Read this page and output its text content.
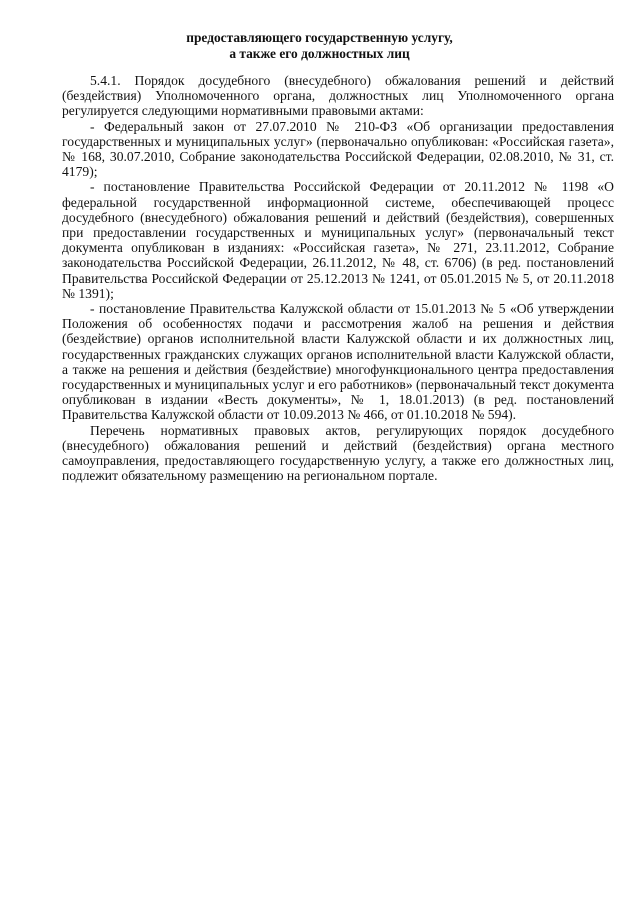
предоставляющего государственную услугу,
а также его должностных лиц

5.4.1. Порядок досудебного (внесудебного) обжалования решений и действий (бездействия) Уполномоченного органа, должностных лиц Уполномоченного органа регулируется следующими нормативными правовыми актами:

- Федеральный закон от 27.07.2010 № 210-ФЗ «Об организации предоставления государственных и муниципальных услуг» (первоначально опубликован: «Российская газета», № 168, 30.07.2010, Собрание законодательства Российской Федерации, 02.08.2010, № 31, ст. 4179);

- постановление Правительства Российской Федерации от 20.11.2012 № 1198 «О федеральной государственной информационной системе, обеспечивающей процесс досудебного (внесудебного) обжалования решений и действий (бездействия), совершенных при предоставлении государственных и муниципальных услуг» (первоначальный текст документа опубликован в изданиях: «Российская газета», № 271, 23.11.2012, Собрание законодательства Российской Федерации, 26.11.2012, № 48, ст. 6706) (в ред. постановлений Правительства Российской Федерации от 25.12.2013 № 1241, от 05.01.2015 № 5, от 20.11.2018 № 1391);

- постановление Правительства Калужской области от 15.01.2013 № 5 «Об утверждении Положения об особенностях подачи и рассмотрения жалоб на решения и действия (бездействие) органов исполнительной власти Калужской области и их должностных лиц, государственных гражданских служащих органов исполнительной власти Калужской области, а также на решения и действия (бездействие) многофункционального центра предоставления государственных и муниципальных услуг и его работников» (первоначальный текст документа опубликован в издании «Весть документы», № 1, 18.01.2013) (в ред. постановлений Правительства Калужской области от 10.09.2013 № 466, от 01.10.2018 № 594).

Перечень нормативных правовых актов, регулирующих порядок досудебного (внесудебного) обжалования решений и действий (бездействия) органа местного самоуправления, предоставляющего государственную услугу, а также его должностных лиц, подлежит обязательному размещению на региональном портале.
